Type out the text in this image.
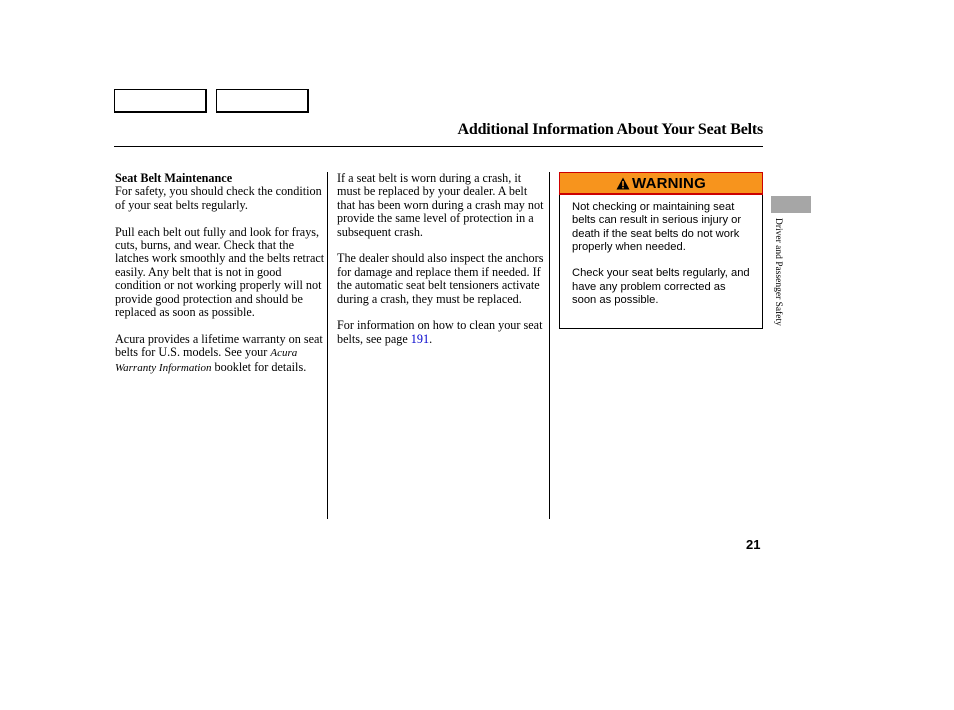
Additional Information About Your Seat Belts
Seat Belt Maintenance

For safety, you should check the condition of your seat belts regularly.

Pull each belt out fully and look for frays, cuts, burns, and wear. Check that the latches work smoothly and the belts retract easily. Any belt that is not in good condition or not working properly will not provide good protection and should be replaced as soon as possible.

Acura provides a lifetime warranty on seat belts for U.S. models. See your Acura Warranty Information booklet for details.

If a seat belt is worn during a crash, it must be replaced by your dealer. A belt that has been worn during a crash may not provide the same level of protection in a subsequent crash.

The dealer should also inspect the anchors for damage and replace them if needed. If the automatic seat belt tensioners activate during a crash, they must be replaced.

For information on how to clean your seat belts, see page 191.

WARNING

Not checking or maintaining seat belts can result in serious injury or death if the seat belts do not work properly when needed.

Check your seat belts regularly, and have any problem corrected as soon as possible.	Driver and Passenger Safety
21
